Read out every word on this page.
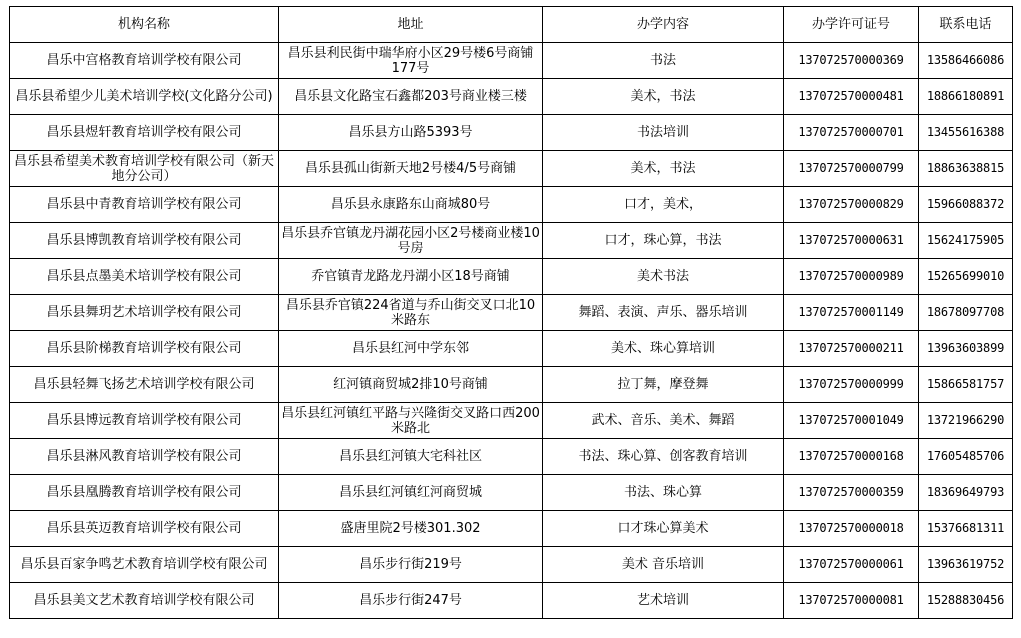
机构名称	地址	办学内容	办学许可证号	联系电话
昌乐中宫格教育培训学校有限公司	昌乐县利民街中瑞华府小区29号楼6号商铺177号	书法	137072570000369	13586466086
昌乐县希望少儿美术培训学校(文化路分公司)	昌乐县文化路宝石鑫都203号商业楼三楼	美术，书法	137072570000481	18866180891
昌乐县煜轩教育培训学校有限公司	昌乐县方山路5393号	书法培训	137072570000701	13455616388
昌乐县希望美术教育培训学校有限公司（新天地分公司）	昌乐县孤山街新天地2号楼4/5号商铺	美术，书法	137072570000799	18863638815
昌乐县中青教育培训学校有限公司	昌乐县永康路东山商城80号	口才，美术，	137072570000829	15966088372
昌乐县博凯教育培训学校有限公司	昌乐县乔官镇龙丹湖花园小区2号楼商业楼10号房	口才，珠心算，书法	137072570000631	15624175905
昌乐县点墨美术培训学校有限公司	乔官镇青龙路龙丹湖小区18号商铺	美术书法	137072570000989	15265699010
昌乐县舞玥艺术培训学校有限公司	昌乐县乔官镇224省道与乔山街交叉口北10米路东	舞蹈、表演、声乐、器乐培训	137072570001149	18678097708
昌乐县阶梯教育培训学校有限公司	昌乐县红河中学东邻	美术、珠心算培训	137072570000211	13963603899
昌乐县轻舞飞扬艺术培训学校有限公司	红河镇商贸城2排10号商铺	拉丁舞，摩登舞	137072570000999	15866581757
昌乐县博远教育培训学校有限公司	昌乐县红河镇红平路与兴隆街交叉路口西200米路北	武术、音乐、美术、舞蹈	137072570001049	13721966290
昌乐县淋风教育培训学校有限公司	昌乐县红河镇大宅科社区	书法、珠心算、创客教育培训	137072570000168	17605485706
昌乐县凰腾教育培训学校有限公司	昌乐县红河镇红河商贸城	书法、珠心算	137072570000359	18369649793
昌乐县英迈教育培训学校有限公司	盛唐里院2号楼301.302	口才珠心算美术	137072570000018	15376681311
昌乐县百家争鸣艺术教育培训学校有限公司	昌乐步行街219号	美术 音乐培训	137072570000061	13963619752
昌乐县美文艺术教育培训学校有限公司	昌乐步行街247号	艺术培训	137072570000081	15288830456
